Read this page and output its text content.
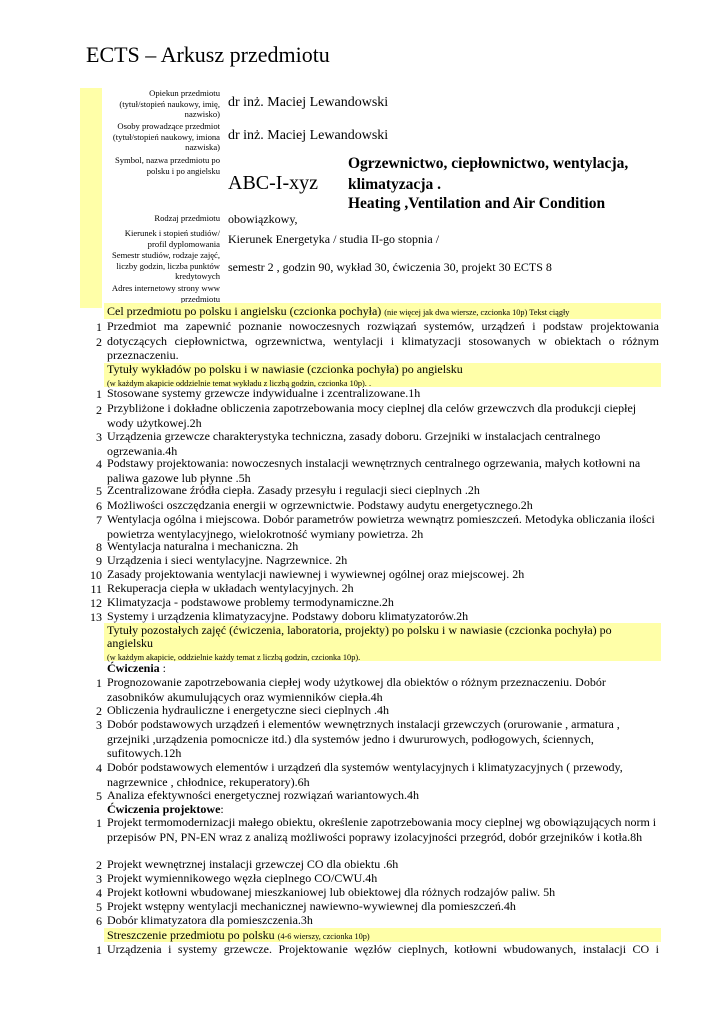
ECTS – Arkusz przedmiotu
Opiekun przedmiotu (tytuł/stopień naukowy, imię, nazwisko)
dr inż. Maciej Lewandowski
Osoby prowadzące przedmiot (tytuł/stopień naukowy, imiona nazwiska)
dr inż. Maciej Lewandowski
Symbol, nazwa przedmiotu po polsku i po angielsku
ABC-I-xyz
Ogrzewnictwo, ciepłownictwo, wentylacja, klimatyzacja .
Heating ,Ventilation and Air Condition
Rodzaj przedmiotu obowiązkowy,
Kierunek i stopień studiów/ profil dyplomowania Kierunek Energetyka / studia II-go stopnia /
Semestr studiów, rodzaje zajęć, liczby godzin, liczba punktów kredytowych
semestr 2 , godzin 90, wykład 30, ćwiczenia 30, projekt 30 ECTS 8
Adres internetowy strony www przedmiotu
Cel przedmiotu po polsku i angielsku (czcionka pochyła) (nie więcej jak dwa wiersze, czcionka 10p) Tekst ciągły
1
2
Przedmiot ma zapewnić poznanie nowoczesnych rozwiązań systemów, urządzeń i podstaw projektowania dotyczących ciepłownictwa, ogrzewnictwa, wentylacji i klimatyzacji stosowanych w obiektach o różnym przeznaczeniu.
Tytuły wykładów po polsku i w nawiasie (czcionka pochyła) po angielsku
(w każdym akapicie oddzielnie temat wykładu z liczbą godzin, czcionka 10p). .
1 Stosowane systemy grzewcze indywidualne i zcentralizowane.1h
2 Przybliżone i dokładne obliczenia zapotrzebowania mocy cieplnej dla celów grzewczvch dla produkcji ciepłej wody użytkowej.2h
3 Urządzenia grzewcze charakterystyka techniczna, zasady doboru. Grzejniki w instalacjach centralnego ogrzewania.4h
4 Podstawy projektowania: nowoczesnych instalacji wewnętrznych centralnego ogrzewania, małych kotłowni na paliwa gazowe lub płynne .5h
5 Zcentralizowane źródła ciepła. Zasady przesyłu i regulacji sieci cieplnych .2h
6 Możliwości oszczędzania energii w ogrzewnictwie. Podstawy audytu energetycznego.2h
7 Wentylacja ogólna i miejscowa. Dobór parametrów powietrza wewnątrz pomieszczeń. Metodyka obliczania ilości powietrza wentylacyjnego, wielokrotność wymiany powietrza. 2h
8 Wentylacja naturalna i mechaniczna. 2h
9 Urządzenia i sieci wentylacyjne. Nagrzewnice. 2h
10 Zasady projektowania wentylacji nawiewnej i wywiewnej ogólnej oraz miejscowej. 2h
11 Rekuperacja ciepła w układach wentylacyjnych. 2h
12 Klimatyzacja - podstawowe problemy termodynamiczne.2h
13 Systemy i urządzenia klimatyzacyjne. Podstawy doboru klimatyzatorów.2h
Tytuły pozostałych zajęć (ćwiczenia, laboratoria, projekty) po polsku i w nawiasie (czcionka pochyła) po angielsku
(w każdym akapicie, oddzielnie każdy temat z liczbą godzin, czcionka 10p).
Ćwiczenia :
1 Prognozowanie zapotrzebowania ciepłej wody użytkowej dla obiektów o różnym przeznaczeniu. Dobór zasobników akumulujących oraz wymienników ciepła.4h
2 Obliczenia hydrauliczne i energetyczne sieci cieplnych .4h
3 Dobór podstawowych urządzeń i elementów wewnętrznych instalacji grzewczych (orurowanie , armatura , grzejniki ,urządzenia pomocnicze itd.) dla systemów jedno i dwururowych, podłogowych, ściennych, sufitowych.12h
4 Dobór podstawowych elementów i urządzeń dla systemów wentylacyjnych i klimatyzacyjnych ( przewody, nagrzewnice , chłodnice, rekuperatory).6h
5 Analiza efektywności energetycznej rozwiązań wariantowych.4h
Ćwiczenia projektowe:
1 Projekt termomodernizacji małego obiektu, określenie zapotrzebowania mocy cieplnej wg obowiązujących norm i przepisów PN, PN-EN wraz z analizą możliwości poprawy izolacyjności przegród, dobór grzejników i kotła.8h
2 Projekt wewnętrznej instalacji grzewczej CO dla obiektu .6h
3 Projekt wymiennikowego węzła cieplnego CO/CWU.4h
4 Projekt kotłowni wbudowanej mieszkaniowej lub obiektowej dla różnych rodzajów paliw. 5h
5 Projekt wstępny wentylacji mechanicznej nawiewno-wywiewnej dla pomieszczeń.4h
6 Dobór klimatyzatora dla pomieszczenia.3h
Streszczenie przedmiotu po polsku (4-6 wierszy, czcionka 10p)
1 Urządzenia i systemy grzewcze. Projektowanie węzłów cieplnych, kotłowni wbudowanych, instalacji CO i
